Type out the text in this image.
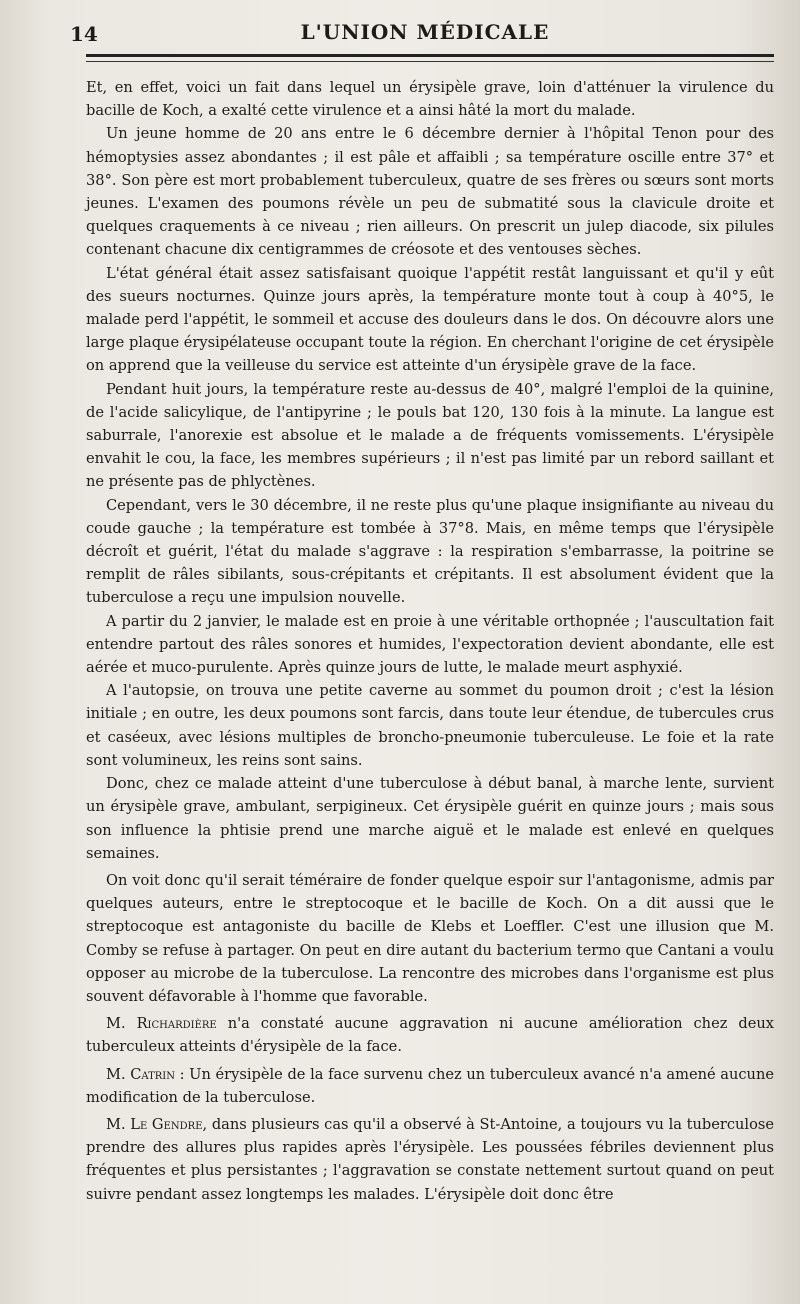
14	L'UNION MÉDICALE

Et, en effet, voici un fait dans lequel un érysipèle grave, loin d'atténuer la virulence du bacille de Koch, a exalté cette virulence et a ainsi hâté la mort du malade.

Un jeune homme de 20 ans entre le 6 décembre dernier à l'hôpital Tenon pour des hémoptysies assez abondantes ; il est pâle et affaibli ; sa température oscille entre 37° et 38°. Son père est mort probablement tuberculeux, quatre de ses frères ou sœurs sont morts jeunes. L'examen des poumons révèle un peu de submatité sous la clavicule droite et quelques craquements à ce niveau ; rien ailleurs. On prescrit un julep diacode, six pilules contenant chacune dix centigrammes de créosote et des ventouses sèches.

L'état général était assez satisfaisant quoique l'appétit restât languissant et qu'il y eût des sueurs nocturnes. Quinze jours après, la température monte tout à coup à 40°5, le malade perd l'appétit, le sommeil et accuse des douleurs dans le dos. On découvre alors une large plaque érysipélateuse occupant toute la région. En cherchant l'origine de cet érysipèle on apprend que la veilleuse du service est atteinte d'un érysipèle grave de la face.

Pendant huit jours, la température reste au-dessus de 40°, malgré l'emploi de la quinine, de l'acide salicylique, de l'antipyrine ; le pouls bat 120, 130 fois à la minute. La langue est saburrale, l'anorexie est absolue et le malade a de fréquents vomissements. L'érysipèle envahit le cou, la face, les membres supérieurs ; il n'est pas limité par un rebord saillant et ne présente pas de phlyctènes.

Cependant, vers le 30 décembre, il ne reste plus qu'une plaque insignifiante au niveau du coude gauche ; la température est tombée à 37°8. Mais, en même temps que l'érysipèle décroît et guérit, l'état du malade s'aggrave : la respiration s'embarrasse, la poitrine se remplit de râles sibilants, sous-crépitants et crépitants. Il est absolument évident que la tuberculose a reçu une impulsion nouvelle.

A partir du 2 janvier, le malade est en proie à une véritable orthopnée ; l'auscultation fait entendre partout des râles sonores et humides, l'expectoration devient abondante, elle est aérée et muco-purulente. Après quinze jours de lutte, le malade meurt asphyxié.

A l'autopsie, on trouva une petite caverne au sommet du poumon droit ; c'est la lésion initiale ; en outre, les deux poumons sont farcis, dans toute leur étendue, de tubercules crus et caséeux, avec lésions multiples de broncho-pneumonie tuberculeuse. Le foie et la rate sont volumineux, les reins sont sains.

Donc, chez ce malade atteint d'une tuberculose à début banal, à marche lente, survient un érysipèle grave, ambulant, serpigineux. Cet érysipèle guérit en quinze jours ; mais sous son influence la phtisie prend une marche aiguë et le malade est enlevé en quelques semaines.

On voit donc qu'il serait téméraire de fonder quelque espoir sur l'antagonisme, admis par quelques auteurs, entre le streptocoque et le bacille de Koch. On a dit aussi que le streptocoque est antagoniste du bacille de Klebs et Loeffler. C'est une illusion que M. Comby se refuse à partager. On peut en dire autant du bacterium termo que Cantani a voulu opposer au microbe de la tuberculose. La rencontre des microbes dans l'organisme est plus souvent défavorable à l'homme que favorable.

M. Richardière n'a constaté aucune aggravation ni aucune amélioration chez deux tuberculeux atteints d'érysipèle de la face.

M. Catrin : Un érysipèle de la face survenu chez un tuberculeux avancé n'a amené aucune modification de la tuberculose.

M. Le Gendre, dans plusieurs cas qu'il a observé à St-Antoine, a toujours vu la tuberculose prendre des allures plus rapides après l'érysipèle. Les poussées fébriles deviennent plus fréquentes et plus persistantes ; l'aggravation se constate nettement surtout quand on peut suivre pendant assez longtemps les malades. L'érysipèle doit donc être
